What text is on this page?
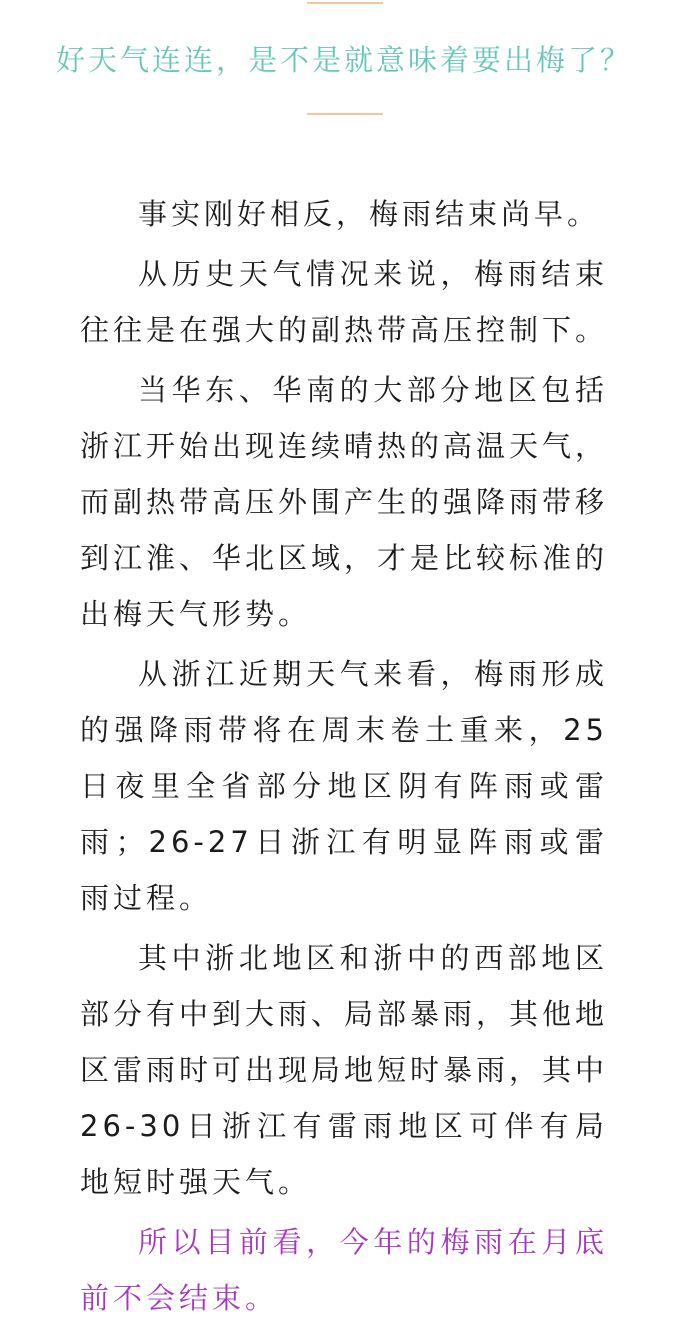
好天气连连，是不是就意味着要出梅了？

事实刚好相反，梅雨结束尚早。

从历史天气情况来说，梅雨结束往往是在强大的副热带高压控制下。

当华东、华南的大部分地区包括浙江开始出现连续晴热的高温天气，而副热带高压外围产生的强降雨带移到江淮、华北区域，才是比较标准的出梅天气形势。

从浙江近期天气来看，梅雨形成的强降雨带将在周末卷土重来，25日夜里全省部分地区阴有阵雨或雷雨；26-27日浙江有明显阵雨或雷雨过程。

其中浙北地区和浙中的西部地区部分有中到大雨、局部暴雨，其他地区雷雨时可出现局地短时暴雨，其中26-30日浙江有雷雨地区可伴有局地短时强天气。

所以目前看，今年的梅雨在月底前不会结束。
